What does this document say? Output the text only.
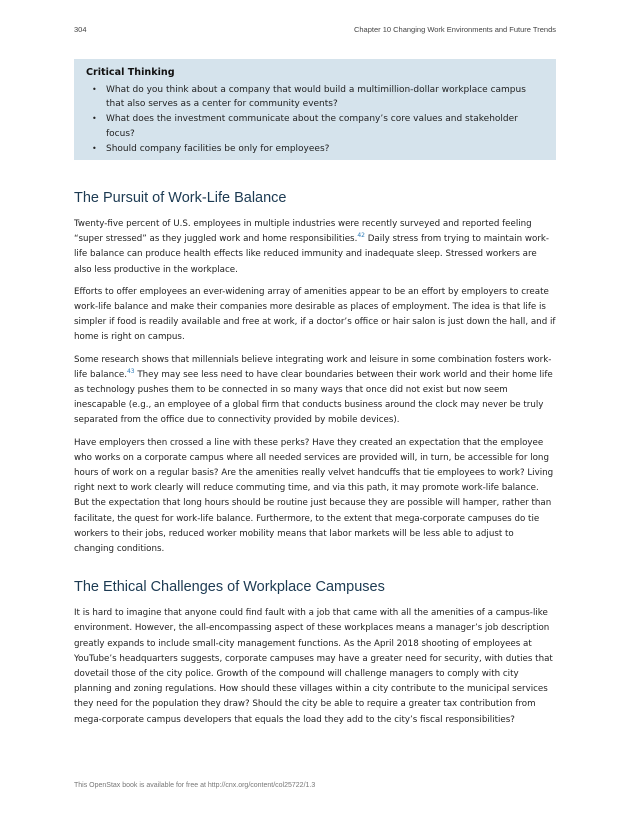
304	Chapter 10 Changing Work Environments and Future Trends
Critical Thinking
• What do you think about a company that would build a multimillion-dollar workplace campus that also serves as a center for community events?
• What does the investment communicate about the company’s core values and stakeholder focus?
• Should company facilities be only for employees?
The Pursuit of Work-Life Balance

Twenty-five percent of U.S. employees in multiple industries were recently surveyed and reported feeling “super stressed” as they juggled work and home responsibilities.$^{42}$ Daily stress from trying to maintain work-life balance can produce health effects like reduced immunity and inadequate sleep. Stressed workers are also less productive in the workplace.

Efforts to offer employees an ever-widening array of amenities appear to be an effort by employers to create work-life balance and make their companies more desirable as places of employment. The idea is that life is simpler if food is readily available and free at work, if a doctor’s office or hair salon is just down the hall, and if home is right on campus.

Some research shows that millennials believe integrating work and leisure in some combination fosters work-life balance.$^{43}$ They may see less need to have clear boundaries between their work world and their home life as technology pushes them to be connected in so many ways that once did not exist but now seem inescapable (e.g., an employee of a global firm that conducts business around the clock may never be truly separated from the office due to connectivity provided by mobile devices).

Have employers then crossed a line with these perks? Have they created an expectation that the employee who works on a corporate campus where all needed services are provided will, in turn, be accessible for long hours of work on a regular basis? Are the amenities really velvet handcuffs that tie employees to work? Living right next to work clearly will reduce commuting time, and via this path, it may promote work-life balance. But the expectation that long hours should be routine just because they are possible will hamper, rather than facilitate, the quest for work-life balance. Furthermore, to the extent that mega-corporate campuses do tie workers to their jobs, reduced worker mobility means that labor markets will be less able to adjust to changing conditions.

The Ethical Challenges of Workplace Campuses

It is hard to imagine that anyone could find fault with a job that came with all the amenities of a campus-like environment. However, the all-encompassing aspect of these workplaces means a manager’s job description greatly expands to include small-city management functions. As the April 2018 shooting of employees at YouTube’s headquarters suggests, corporate campuses may have a greater need for security, with duties that dovetail those of the city police. Growth of the compound will challenge managers to comply with city planning and zoning regulations. How should these villages within a city contribute to the municipal services they need for the population they draw? Should the city be able to require a greater tax contribution from mega-corporate campus developers that equals the load they add to the city’s fiscal responsibilities?

This OpenStax book is available for free at http://cnx.org/content/col25722/1.3
